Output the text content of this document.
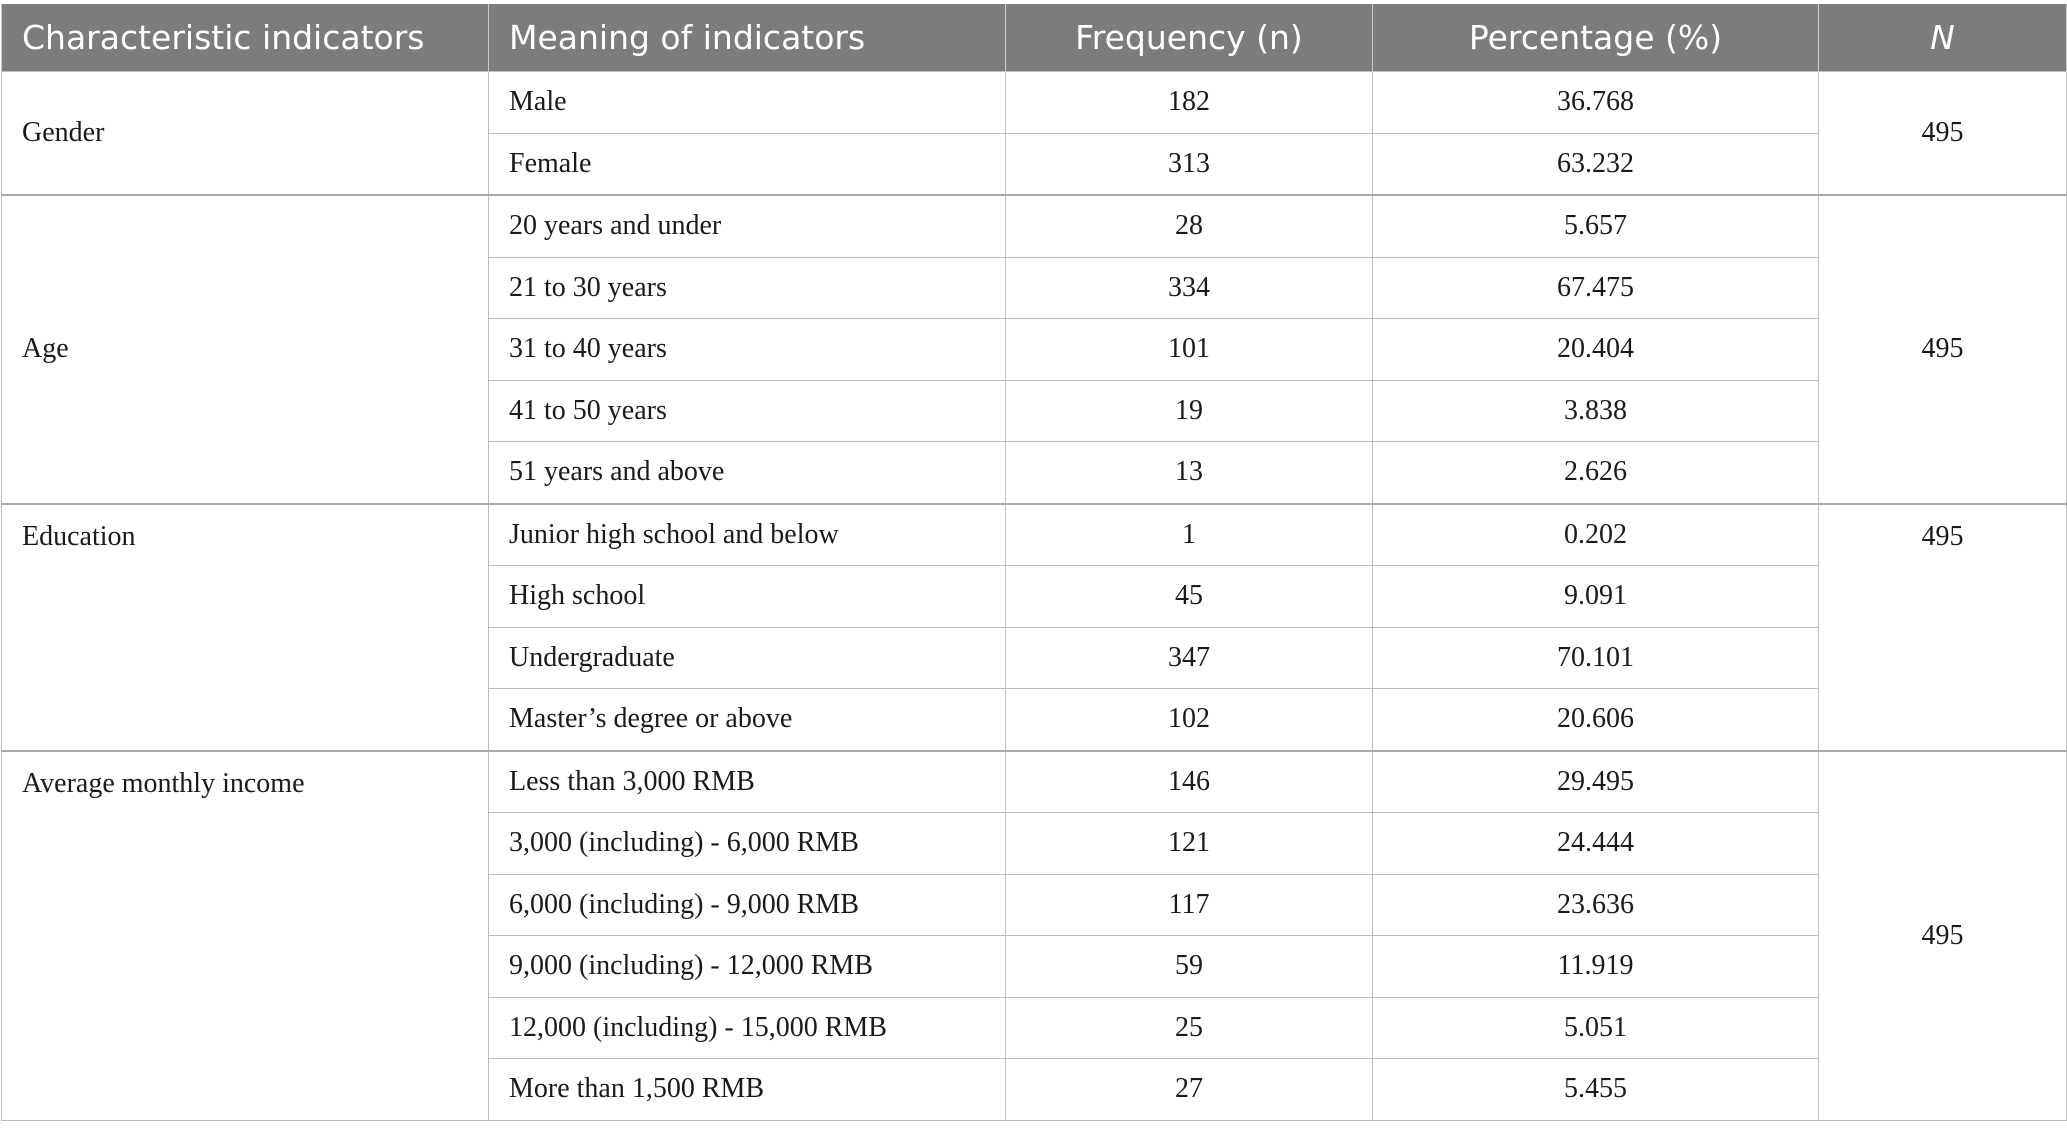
Characteristic indicators	Meaning of indicators	Frequency (n)	Percentage (%)	N
Gender	Male	182	36.768	495
	Female	313	63.232	
Age	20 years and under	28	5.657	495
	21 to 30 years	334	67.475	
	31 to 40 years	101	20.404	
	41 to 50 years	19	3.838	
	51 years and above	13	2.626	
Education	Junior high school and below	1	0.202	495
	High school	45	9.091	
	Undergraduate	347	70.101	
	Master’s degree or above	102	20.606	
Average monthly income	Less than 3,000 RMB	146	29.495	495
	3,000 (including) - 6,000 RMB	121	24.444	
	6,000 (including) - 9,000 RMB	117	23.636	
	9,000 (including) - 12,000 RMB	59	11.919	
	12,000 (including) - 15,000 RMB	25	5.051	
	More than 1,500 RMB	27	5.455	
